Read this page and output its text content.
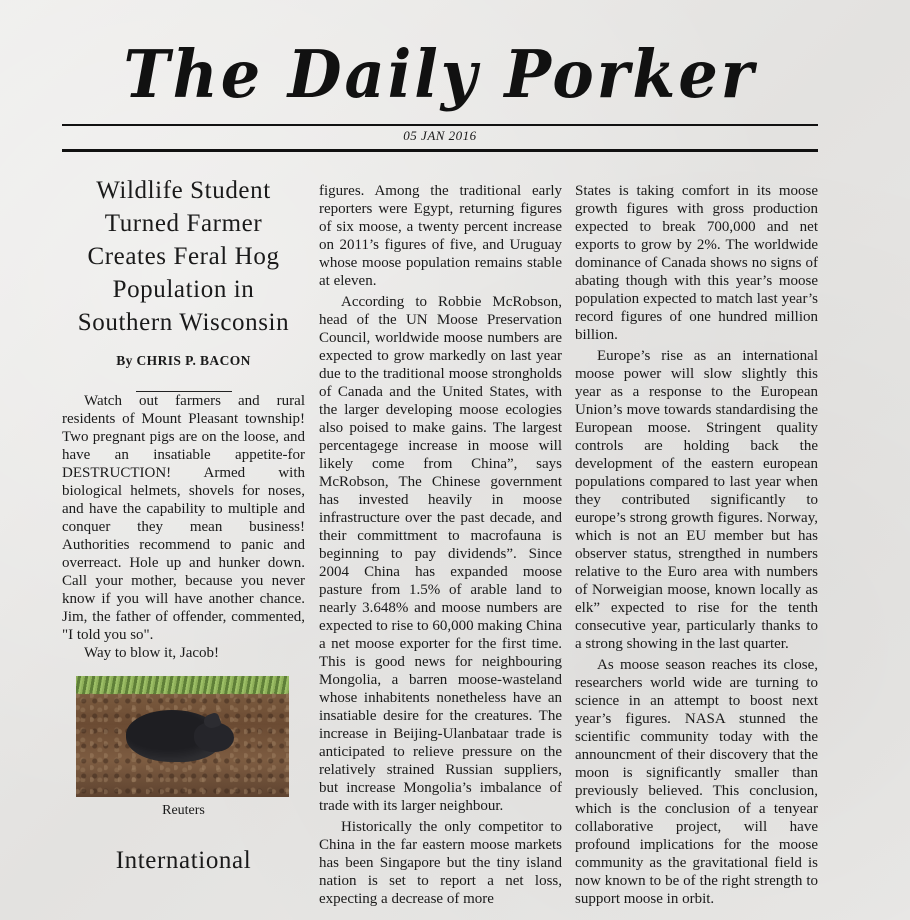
The Daily Porker
05 JAN 2016
Wildlife Student Turned Farmer Creates Feral Hog Population in Southern Wisconsin
By CHRIS P. BACON

Watch out farmers and rural residents of Mount Pleasant township! Two pregnant pigs are on the loose, and have an insatiable appetite-for DESTRUCTION! Armed with biological helmets, shovels for noses, and have the capability to multiple and conquer they mean business! Authorities recommend to panic and overreact. Hole up and hunker down. Call your mother, because you never know if you will have another chance. Jim, the father of offender, commented, "I told you so".

Way to blow it, Jacob!

Reuters
International

figures. Among the traditional early reporters were Egypt, returning figures of six moose, a twenty percent increase on 2011’s figures of five, and Uruguay whose moose population remains stable at eleven.

According to Robbie McRobson, head of the UN Moose Preservation Council, worldwide moose numbers are expected to grow markedly on last year due to the traditional moose strongholds of Canada and the United States, with the larger developing moose ecologies also poised to make gains. The largest percentagege increase in moose will likely come from China”, says McRobson, The Chinese government has invested heavily in moose infrastructure over the past decade, and their committment to macrofauna is beginning to pay dividends”. Since 2004 China has expanded moose pasture from 1.5% of arable land to nearly 3.648% and moose numbers are expected to rise to 60,000 making China a net moose exporter for the first time. This is good news for neighbouring Mongolia, a barren moose-wasteland whose inhabitents nonetheless have an insatiable desire for the creatures. The increase in Beijing-Ulanbataar trade is anticipated to relieve pressure on the relatively strained Russian suppliers, but increase Mongolia’s imbalance of trade with its larger neighbour.

Historically the only competitor to China in the far eastern moose markets has been Singapore but the tiny island nation is set to report a net loss, expecting a decrease of more

States is taking comfort in its moose growth figures with gross production expected to break 700,000 and net exports to grow by 2%. The worldwide dominance of Canada shows no signs of abating though with this year’s moose population expected to match last year’s record figures of one hundred million billion.

Europe’s rise as an international moose power will slow slightly this year as a response to the European Union’s move towards standardising the European moose. Stringent quality controls are holding back the development of the eastern european populations compared to last year when they contributed significantly to europe’s strong growth figures. Norway, which is not an EU member but has observer status, strengthed in numbers relative to the Euro area with numbers of Norweigian moose, known locally as elk” expected to rise for the tenth consecutive year, particularly thanks to a strong showing in the last quarter.

As moose season reaches its close, researchers world wide are turning to science in an attempt to boost next year’s figures. NASA stunned the scientific community today with the announcment of their discovery that the moon is significantly smaller than previously believed. This conclusion, which is the conclusion of a tenyear collaborative project, will have profound implications for the moose community as the gravitational field is now known to be of the right strength to support moose in orbit.
